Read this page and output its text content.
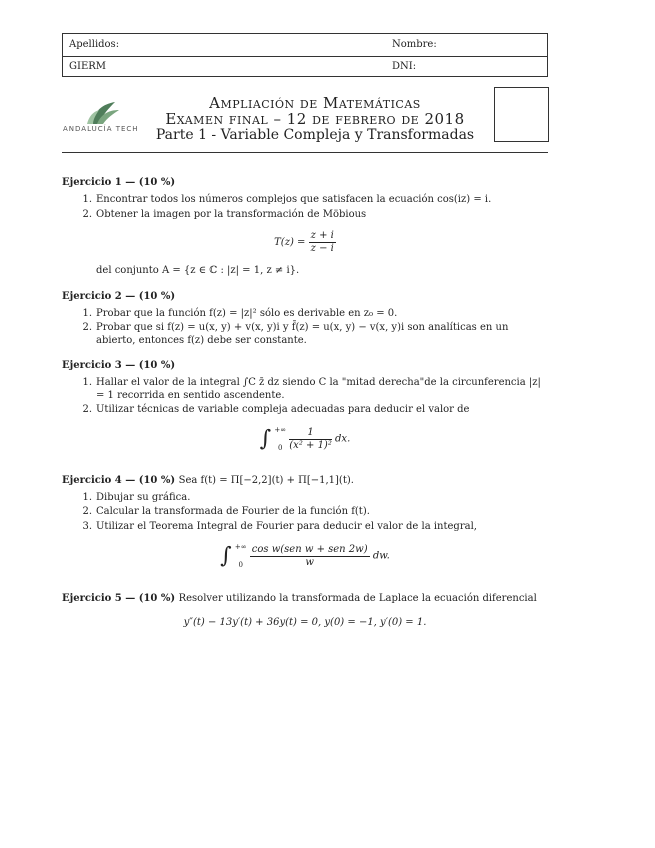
Apellidos:	Nombre:
GIERM	DNI:
ANDALUCÍA TECH
Ampliación de Matemáticas
Examen final – 12 de febrero de 2018
Parte 1 - Variable Compleja y Transformadas
Ejercicio 1 — (10 %)
1. Encontrar todos los números complejos que satisfacen la ecuación cos(iz) = i.
2. Obtener la imagen por la transformación de Möbious
$T(z) = \frac{z + i}{z - i}$
del conjunto A = {z ∈ ℂ : |z| = 1, z ≠ i}.
Ejercicio 2 — (10 %)
1. Probar que la función f(z) = |z|² sólo es derivable en z₀ = 0.
2. Probar que si f(z) = u(x, y) + v(x, y)i y f̄(z) = u(x, y) − v(x, y)i son analíticas en un abierto, entonces f(z) debe ser constante.
Ejercicio 3 — (10 %)
1. Hallar el valor de la integral ∫C z̄ dz siendo C la "mitad derecha"de la circunferencia |z| = 1 recorrida en sentido ascendente.
2. Utilizar técnicas de variable compleja adecuadas para deducir el valor de
∫ +∞
0
$\frac{1}{\text{(x² + 1)²}}$ dx.
Ejercicio 4 — (10 %) Sea f(t) = Π[−2,2](t) + Π[−1,1](t).
1. Dibujar su gráfica.
2. Calcular la transformada de Fourier de la función f(t).
3. Utilizar el Teorema Integral de Fourier para deducir el valor de la integral,
∫ +∞
0
$\frac{\text{cos w(sen w + sen 2w)}}{w}$ dw.
Ejercicio 5 — (10 %) Resolver utilizando la transformada de Laplace la ecuación diferencial
y″(t) − 13y′(t) + 36y(t) = 0, y(0) = −1, y′(0) = 1.
